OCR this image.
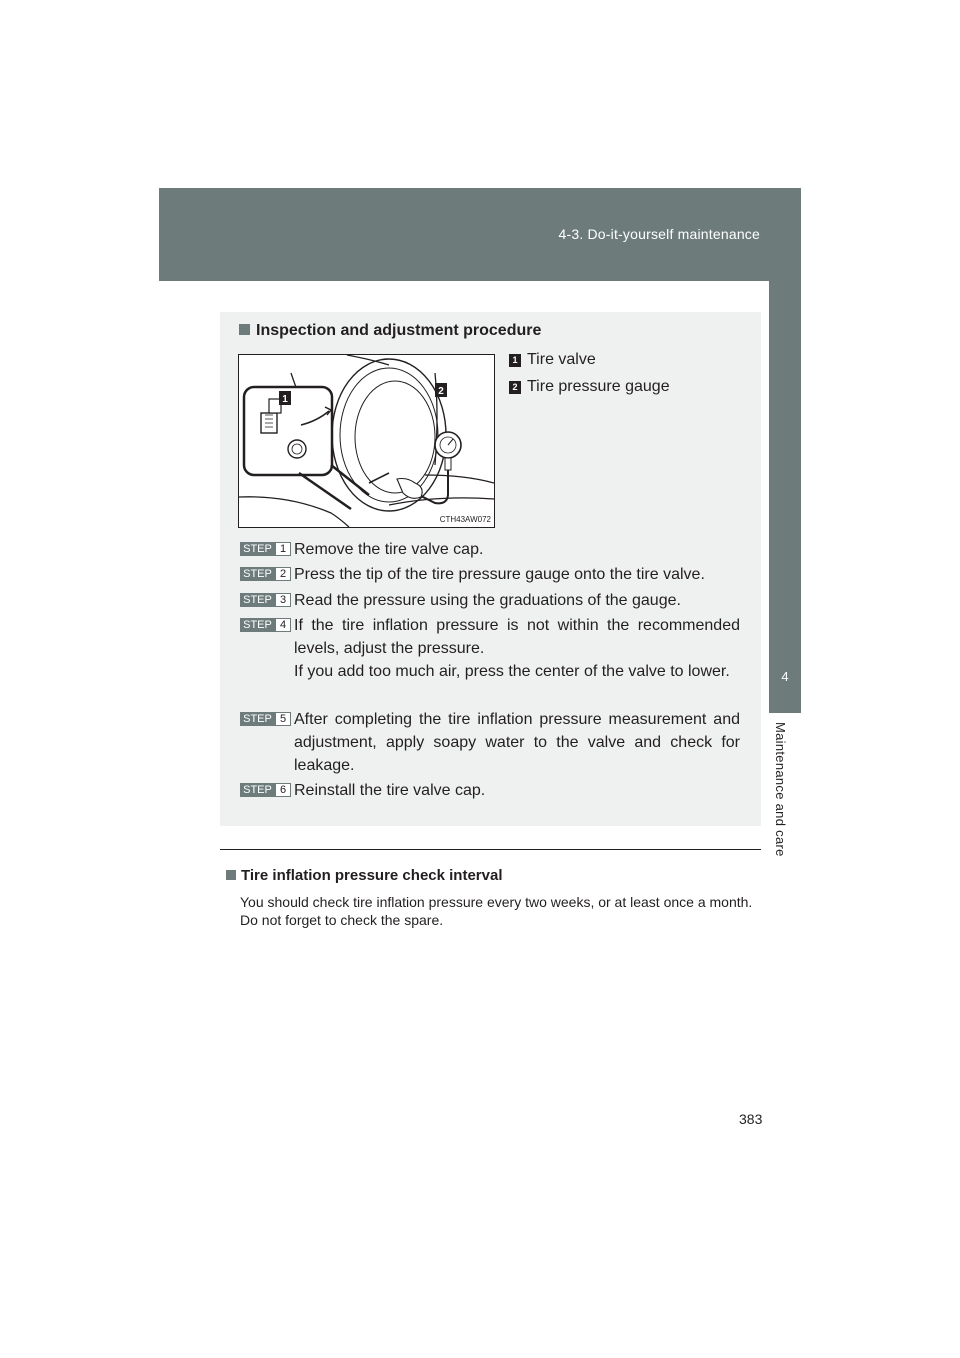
4-3. Do-it-yourself maintenance
4
Maintenance and care
Inspection and adjustment procedure
1
2
CTH43AW072
1 Tire valve
2 Tire pressure gauge
STEP 1 Remove the tire valve cap.

STEP 2 Press the tip of the tire pressure gauge onto the tire valve.

STEP 3 Read the pressure using the graduations of the gauge.

STEP 4 If the tire inflation pressure is not within the recommended levels, adjust the pressure.

If you add too much air, press the center of the valve to lower.

STEP 5 After completing the tire inflation pressure measurement and adjustment, apply soapy water to the valve and check for leakage.

STEP 6 Reinstall the tire valve cap.

Tire inflation pressure check interval

You should check tire inflation pressure every two weeks, or at least once a month.

Do not forget to check the spare.

383
